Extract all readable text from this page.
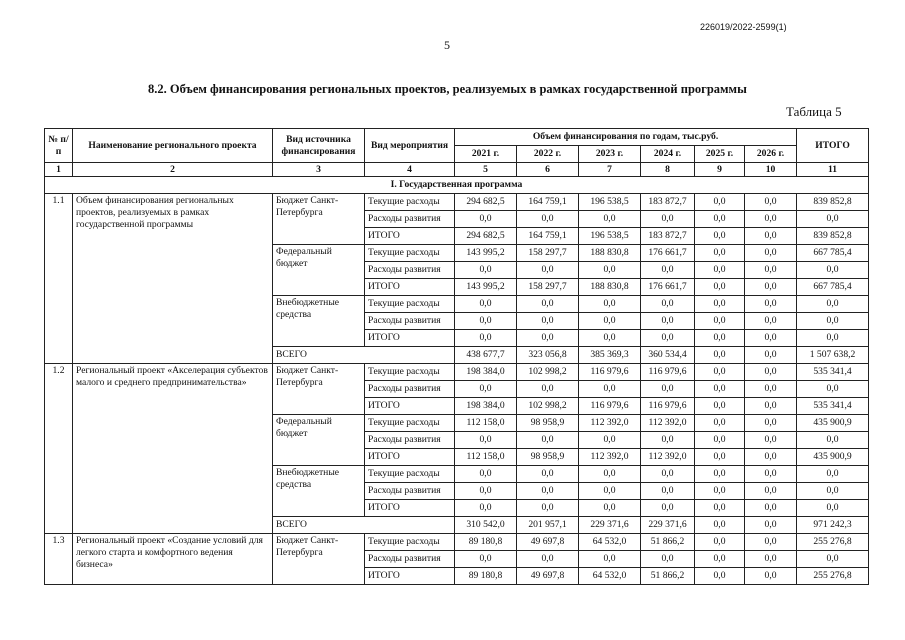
226019/2022-2599(1)
5
8.2. Объем финансирования региональных проектов, реализуемых в рамках государственной программы
Таблица 5
№ п/п	Наименование регионального проекта	Вид источника финансирования	Вид мероприятия	Объем финансирования по годам, тыс.руб.						ИТОГО
				2021 г.	2022 г.	2023 г.	2024 г.	2025 г.	2026 г.	
1	2	3	4	5	6	7	8	9	10	11
I. Государственная программа										
1.1	Объем финансирования региональных проектов, реализуемых в рамках государственной программы	Бюджет Санкт-Петербурга	Текущие расходы	294 682,5	164 759,1	196 538,5	183 872,7	0,0	0,0	839 852,8
			Расходы развития	0,0	0,0	0,0	0,0	0,0	0,0	0,0
			ИТОГО	294 682,5	164 759,1	196 538,5	183 872,7	0,0	0,0	839 852,8
		Федеральный бюджет	Текущие расходы	143 995,2	158 297,7	188 830,8	176 661,7	0,0	0,0	667 785,4
			Расходы развития	0,0	0,0	0,0	0,0	0,0	0,0	0,0
			ИТОГО	143 995,2	158 297,7	188 830,8	176 661,7	0,0	0,0	667 785,4
		Внебюджетные средства	Текущие расходы	0,0	0,0	0,0	0,0	0,0	0,0	0,0
			Расходы развития	0,0	0,0	0,0	0,0	0,0	0,0	0,0
			ИТОГО	0,0	0,0	0,0	0,0	0,0	0,0	0,0
		ВСЕГО		438 677,7	323 056,8	385 369,3	360 534,4	0,0	0,0	1 507 638,2
1.2	Региональный проект «Акселерация субъектов малого и среднего предпринимательства»	Бюджет Санкт-Петербурга	Текущие расходы	198 384,0	102 998,2	116 979,6	116 979,6	0,0	0,0	535 341,4
			Расходы развития	0,0	0,0	0,0	0,0	0,0	0,0	0,0
			ИТОГО	198 384,0	102 998,2	116 979,6	116 979,6	0,0	0,0	535 341,4
		Федеральный бюджет	Текущие расходы	112 158,0	98 958,9	112 392,0	112 392,0	0,0	0,0	435 900,9
			Расходы развития	0,0	0,0	0,0	0,0	0,0	0,0	0,0
			ИТОГО	112 158,0	98 958,9	112 392,0	112 392,0	0,0	0,0	435 900,9
		Внебюджетные средства	Текущие расходы	0,0	0,0	0,0	0,0	0,0	0,0	0,0
			Расходы развития	0,0	0,0	0,0	0,0	0,0	0,0	0,0
			ИТОГО	0,0	0,0	0,0	0,0	0,0	0,0	0,0
		ВСЕГО		310 542,0	201 957,1	229 371,6	229 371,6	0,0	0,0	971 242,3
1.3	Региональный проект «Создание условий для легкого старта и комфортного ведения бизнеса»	Бюджет Санкт-Петербурга	Текущие расходы	89 180,8	49 697,8	64 532,0	51 866,2	0,0	0,0	255 276,8
			Расходы развития	0,0	0,0	0,0	0,0	0,0	0,0	0,0
			ИТОГО	89 180,8	49 697,8	64 532,0	51 866,2	0,0	0,0	255 276,8
